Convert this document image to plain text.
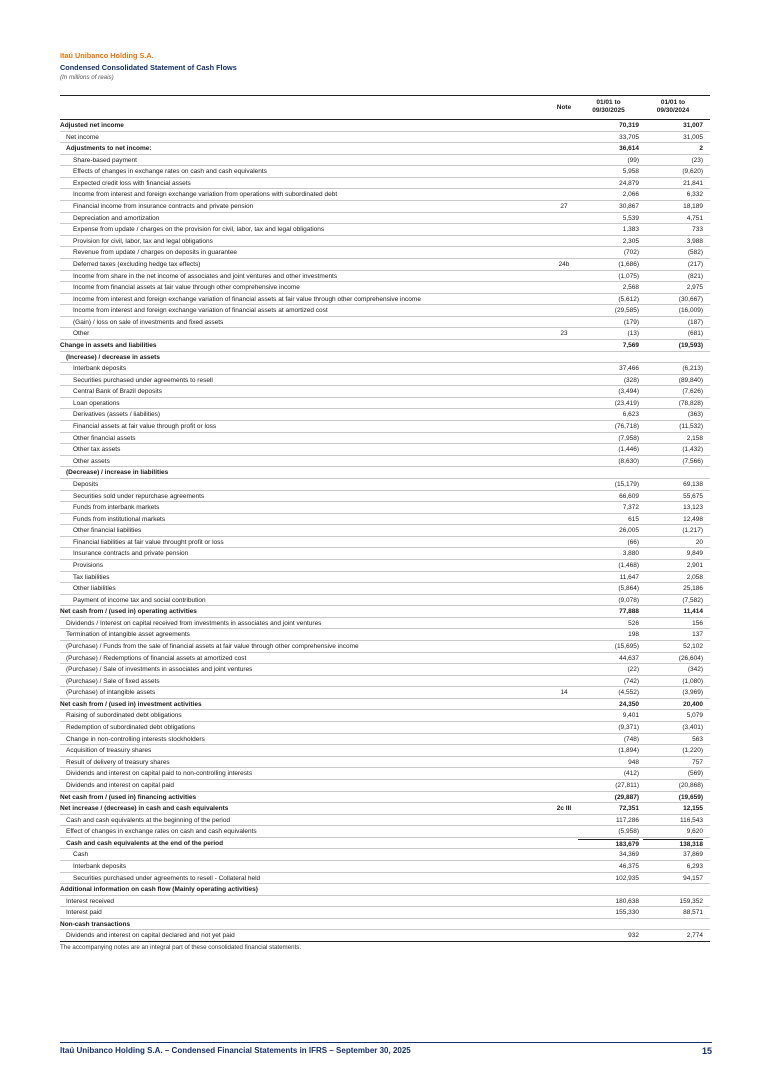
Itaú Unibanco Holding S.A.
Condensed Consolidated Statement of Cash Flows
(In millions of reais)
Note
01/01 to
09/30/2025
01/01 to
09/30/2024
Adjusted net income	70,319	31,007
Net income	33,705	31,005
Adjustments to net income:	36,614	2
Share-based payment	(99)	(23)
Effects of changes in exchange rates on cash and cash equivalents	5,958	(9,620)
Expected credit loss with financial assets	24,879	21,841
Income from interest and foreign exchange variation from operations with subordinated debt	2,066	6,332
Financial income from insurance contracts and private pension	27	30,867	18,189
Depreciation and amortization	5,539	4,751
Expense from update / charges on the provision for civil, labor, tax and legal obligations	1,383	733
Provision for civil, labor, tax and legal obligations	2,305	3,988
Revenue from update / charges on deposits in guarantee	(702)	(582)
Deferred taxes (excluding hedge tax effects)	24b	(1,686)	(217)
Income from share in the net income of associates and joint ventures and other investments	(1,075)	(821)
Income from financial assets at fair value through other comprehensive income	2,568	2,975
Income from interest and foreign exchange variation of financial assets at fair value through other comprehensive income	(5,612)	(30,667)
Income from interest and foreign exchange variation of financial assets at amortized cost	(29,585)	(16,009)
(Gain) / loss on sale of investments and fixed assets	(179)	(187)
Other	23	(13)	(681)
Change in assets and liabilities	7,569	(19,593)
(Increase) / decrease in assets
Interbank deposits	37,466	(6,213)
Securities purchased under agreements to resell	(328)	(89,840)
Central Bank of Brazil deposits	(3,494)	(7,626)
Loan operations	(23,419)	(78,828)
Derivatives (assets / liabilities)	6,623	(363)
Financial assets at fair value through profit or loss	(76,718)	(11,532)
Other financial assets	(7,958)	2,158
Other tax assets	(1,446)	(1,432)
Other assets	(8,630)	(7,566)
(Decrease) / increase in liabilities
Deposits	(15,179)	69,138
Securities sold under repurchase agreements	66,609	55,675
Funds from interbank markets	7,372	13,123
Funds from institutional markets	615	12,498
Other financial liabilities	26,005	(1,217)
Financial liabilities at fair value throught profit or loss	(66)	20
Insurance contracts and private pension	3,880	9,849
Provisions	(1,468)	2,901
Tax liabilities	11,647	2,058
Other liabilities	(5,864)	25,186
Payment of income tax and social contribution	(9,078)	(7,582)
Net cash from / (used in) operating activities	77,888	11,414
Dividends / Interest on capital received from investments in associates and joint ventures	526	156
Termination of intangible asset agreements	198	137
(Purchase) / Funds from the sale of financial assets at fair value through other comprehensive income	(15,695)	52,102
(Purchase) / Redemptions of financial assets at amortized cost	44,637	(26,604)
(Purchase) / Sale of investments in associates and joint ventures	(22)	(342)
(Purchase) / Sale of fixed assets	(742)	(1,080)
(Purchase) of intangible assets	14	(4,552)	(3,969)
Net cash from / (used in) investment activities	24,350	20,400
Raising of subordinated debt obligations	9,401	5,079
Redemption of subordinated debt obligations	(9,371)	(3,401)
Change in non-controlling interests stockholders	(748)	563
Acquisition of treasury shares	(1,894)	(1,220)
Result of delivery of treasury shares	948	757
Dividends and interest on capital paid to non-controlling interests	(412)	(569)
Dividends and interest on capital paid	(27,811)	(20,868)
Net cash from / (used in) financing activities	(29,887)	(19,659)
Net increase / (decrease) in cash and cash equivalents	2c III	72,351	12,155
Cash and cash equivalents at the beginning of the period	117,286	116,543
Effect of changes in exchange rates on cash and cash equivalents	(5,958)	9,620
Cash and cash equivalents at the end of the period	183,679	138,318
Cash	34,369	37,869
Interbank deposits	46,375	6,293
Securities purchased under agreements to resell - Collateral held	102,935	94,157
Additional information on cash flow (Mainly operating activities)
Interest received	180,638	159,352
Interest paid	155,330	88,571
Non-cash transactions
Dividends and interest on capital declared and not yet paid	932	2,774
The accompanying notes are an integral part of these consolidated financial statements.
Itaú Unibanco Holding S.A. – Condensed Financial Statements in IFRS – September 30, 2025	15
